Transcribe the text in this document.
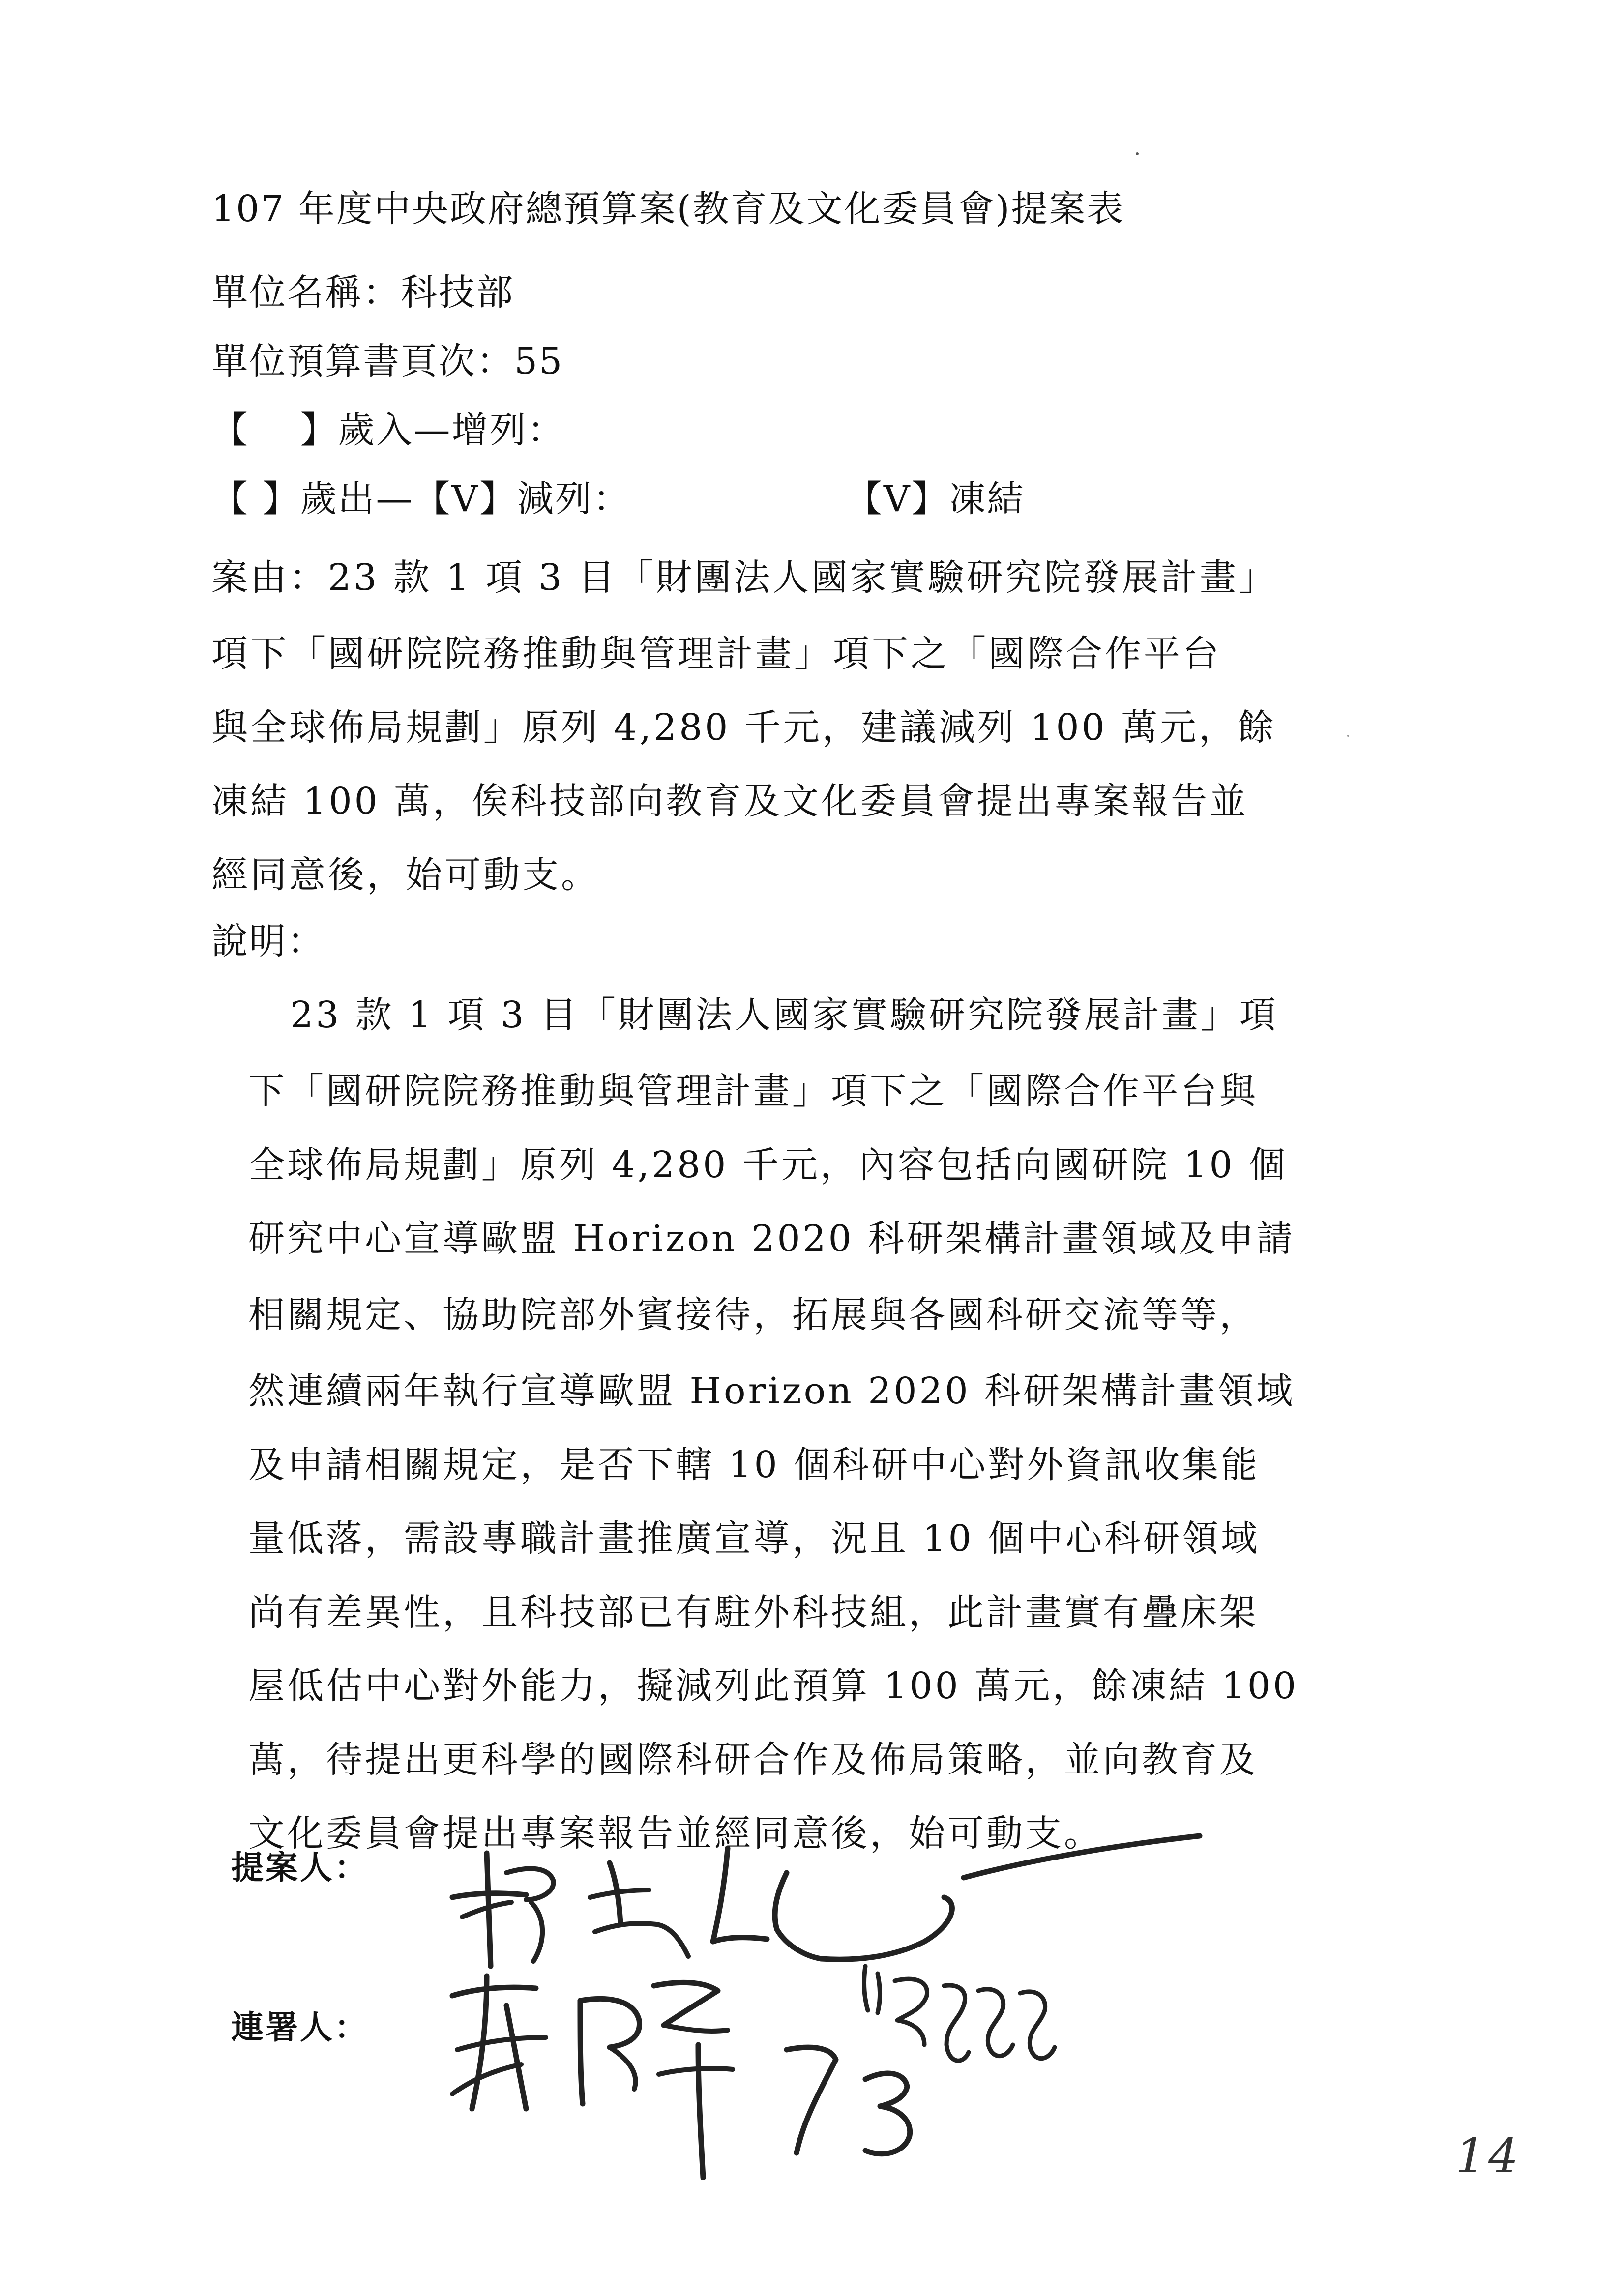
107 年度中央政府總預算案(教育及文化委員會)提案表
單位名稱：科技部
單位預算書頁次：55
【　 】歲入—增列：
【 】歲出—【V】減列：	【V】凍結
案由：23 款 1 項 3 目「財團法人國家實驗研究院發展計畫」
項下「國研院院務推動與管理計畫」項下之「國際合作平台
與全球佈局規劃」原列 4,280 千元，建議減列 100 萬元，餘
凍結 100 萬，俟科技部向教育及文化委員會提出專案報告並
經同意後，始可動支。
說明：
23 款 1 項 3 目「財團法人國家實驗研究院發展計畫」項
下「國研院院務推動與管理計畫」項下之「國際合作平台與
全球佈局規劃」原列 4,280 千元，內容包括向國研院 10 個
研究中心宣導歐盟 Horizon 2020 科研架構計畫領域及申請
相關規定、協助院部外賓接待，拓展與各國科研交流等等，
然連續兩年執行宣導歐盟 Horizon 2020 科研架構計畫領域
及申請相關規定，是否下轄 10 個科研中心對外資訊收集能
量低落，需設專職計畫推廣宣導，況且 10 個中心科研領域
尚有差異性，且科技部已有駐外科技組，此計畫實有疊床架
屋低估中心對外能力，擬減列此預算 100 萬元，餘凍結 100
萬，待提出更科學的國際科研合作及佈局策略，並向教育及
文化委員會提出專案報告並經同意後，始可動支。
提案人：
連署人：
14
